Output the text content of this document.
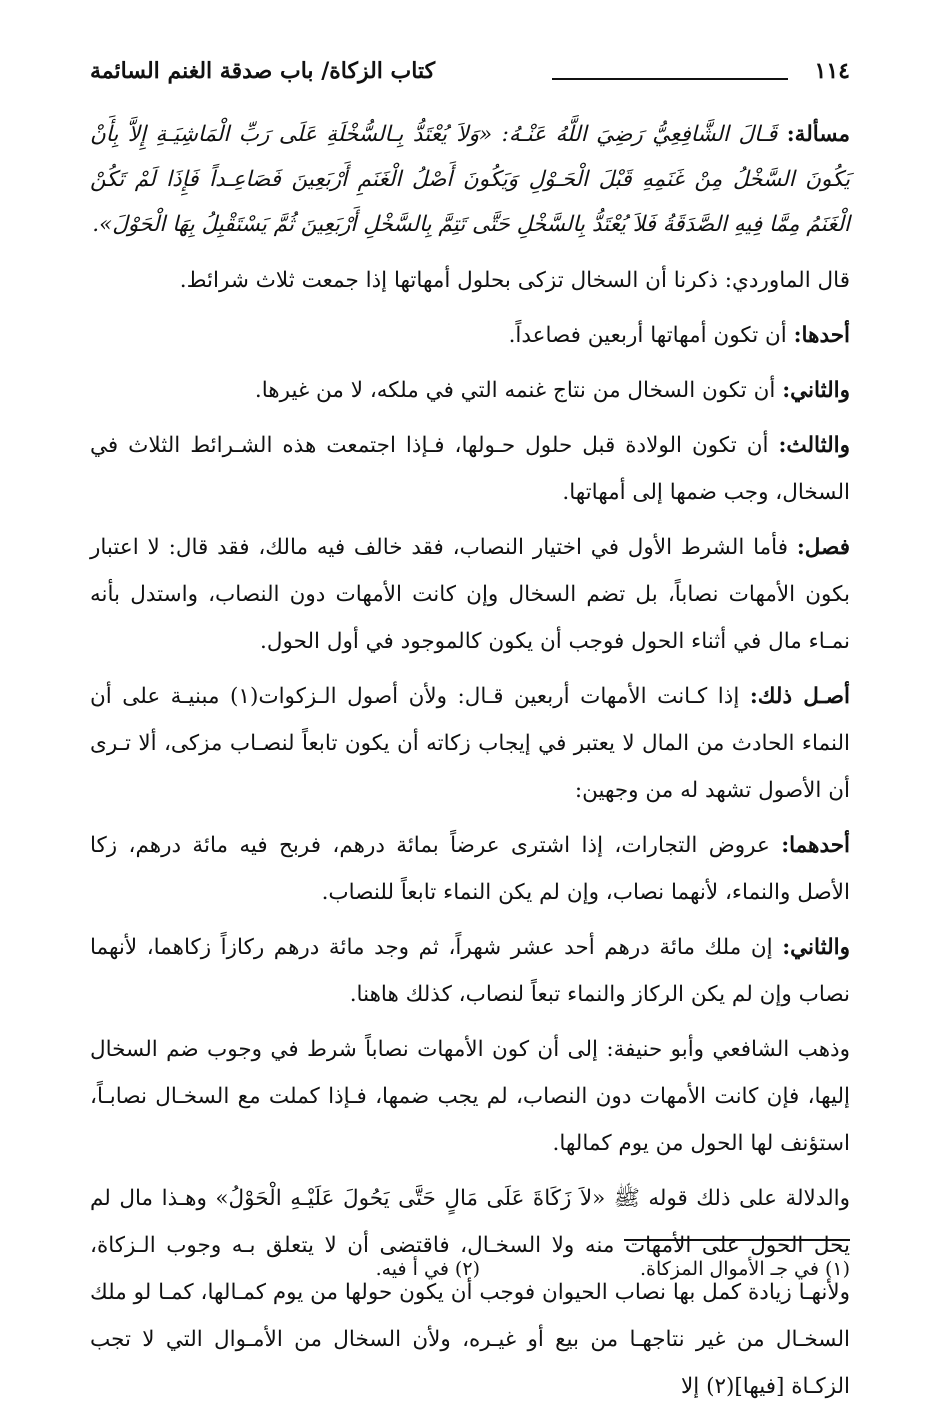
١١٤
كتاب الزكاة/ باب صدقة الغنم السائمة

مسألة: قَـالَ الشَّافِعِيُّ رَضِيَ اللَّهُ عَنْـهُ: «وَلاَ يُعْتَدُّ بِـالسُّخْلَةِ عَلَى رَبِّ الْمَاشِيَـةِ إِلاَّ بِأَنْ يَكُونَ السَّخْلُ مِنْ غَنَمِهِ قَبْلَ الْحَـوْلِ وَيَكُونَ أَصْلُ الْغَنَمِ أَرْبَعِينَ فَصَاعِـداً فَإِذَا لَمْ تَكُنْ الْغَنَمُ مِمَّا فِيهِ الصَّدَقَةُ فَلاَ يُعْتَدُّ بِالسَّخْلِ حَتَّى تَتِمَّ بِالسَّخْلِ أَرْبَعِينَ ثُمَّ يَسْتَقْبِلُ بِهَا الْحَوْلَ».

قال الماوردي: ذكرنا أن السخال تزكى بحلول أمهاتها إذا جمعت ثلاث شرائط.

أحدها: أن تكون أمهاتها أربعين فصاعداً.

والثاني: أن تكون السخال من نتاج غنمه التي في ملكه، لا من غيرها.

والثالث: أن تكون الولادة قبل حلول حـولها، فـإذا اجتمعت هذه الشـرائط الثلاث في السخال، وجب ضمها إلى أمهاتها.

فصل: فأما الشرط الأول في اختيار النصاب، فقد خالف فيه مالك، فقد قال: لا اعتبار بكون الأمهات نصاباً، بل تضم السخال وإن كانت الأمهات دون النصاب، واستدل بأنه نمـاء مال في أثناء الحول فوجب أن يكون كالموجود في أول الحول.

أصـل ذلك: إذا كـانت الأمهات أربعين قـال: ولأن أصول الـزكوات(١) مبنيـة على أن النماء الحادث من المال لا يعتبر في إيجاب زكاته أن يكون تابعاً لنصـاب مزكى، ألا تـرى أن الأصول تشهد له من وجهين:

أحدهما: عروض التجارات، إذا اشترى عرضاً بمائة درهم، فربح فيه مائة درهم، زكا الأصل والنماء، لأنهما نصاب، وإن لم يكن النماء تابعاً للنصاب.

والثاني: إن ملك مائة درهم أحد عشر شهراً، ثم وجد مائة درهم ركازاً زكاهما، لأنهما نصاب وإن لم يكن الركاز والنماء تبعاً لنصاب، كذلك هاهنا.

وذهب الشافعي وأبو حنيفة: إلى أن كون الأمهات نصاباً شرط في وجوب ضم السخال إليها، فإن كانت الأمهات دون النصاب، لم يجب ضمها، فـإذا كملت مع السخـال نصابـاً، استؤنف لها الحول من يوم كمالها.

والدلالة على ذلك قوله ﷺ «لاَ زَكَاةَ عَلَى مَالٍ حَتَّى يَحُولَ عَلَيْـهِ الْحَوْلُ» وهـذا مال لم يحل الحول على الأمهات منه ولا السخـال، فاقتضى أن لا يتعلق بـه وجوب الـزكاة، ولأنهـا زيادة كمل بها نصاب الحيوان فوجب أن يكون حولها من يوم كمـالها، كمـا لو ملك السخـال من غير نتاجهـا من بيع أو غيـره، ولأن السخال من الأمـوال التي لا تجب الزكـاة [فيها](٢) إلا

(١) في جـ الأموال المزكاة.
(٢) في أ فيه.
